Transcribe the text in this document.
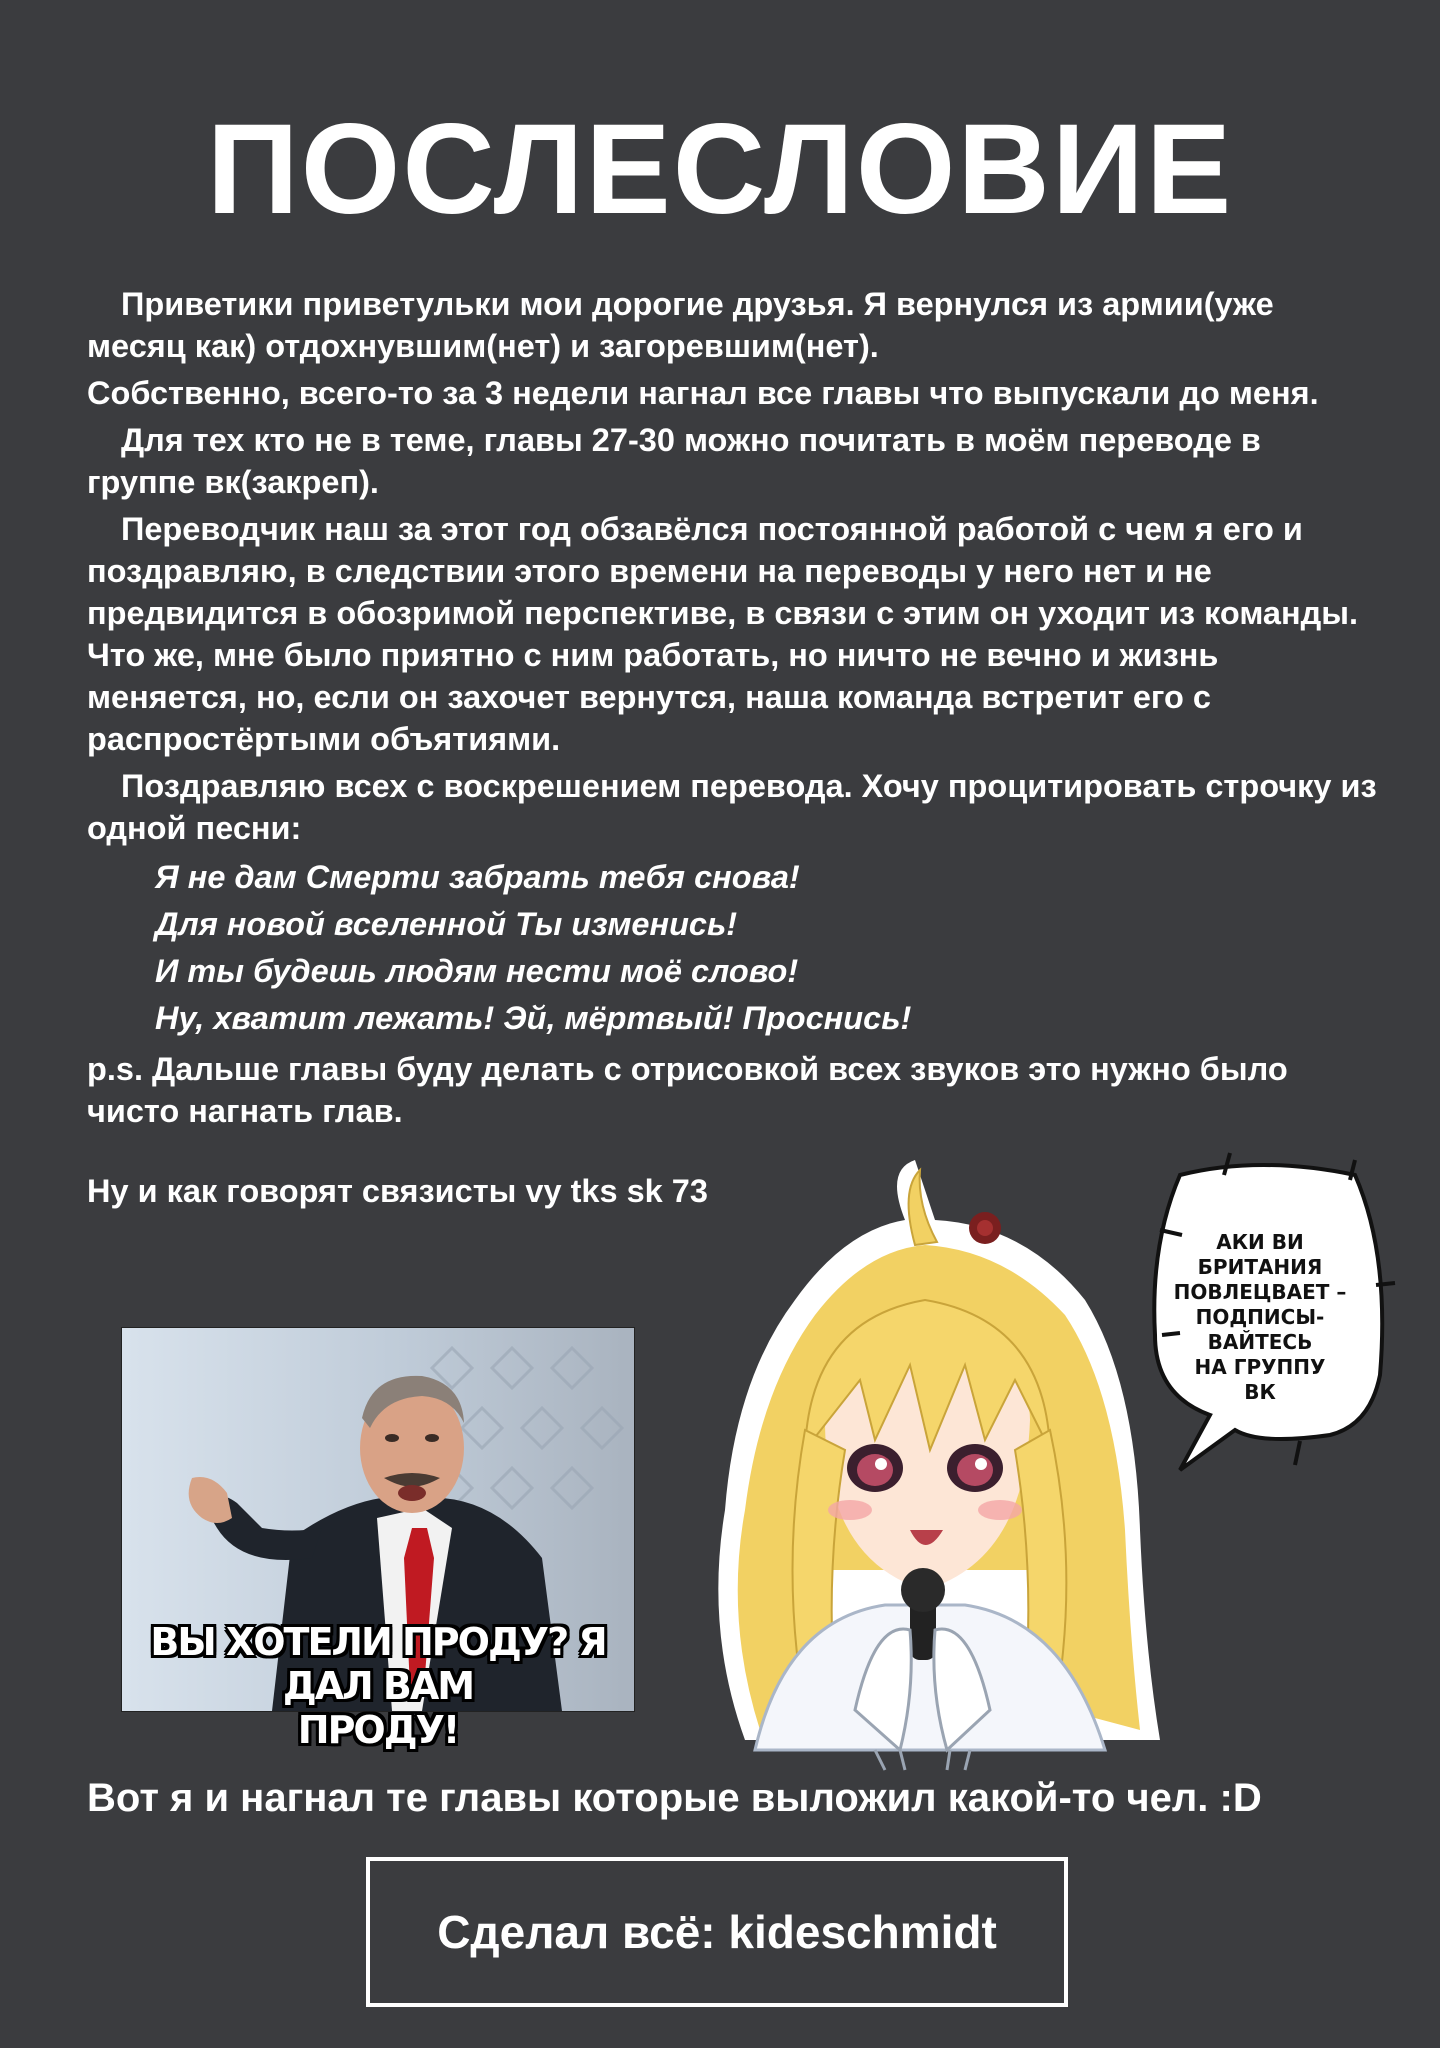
ПОСЛЕСЛОВИЕ

Приветики приветульки мои дорогие друзья. Я вернулся из армии(уже месяц как) отдохнувшим(нет) и загоревшим(нет).

Собственно, всего-то за 3 недели нагнал все главы что выпускали до меня.

Для тех кто не в теме, главы 27-30 можно почитать в моём переводе в группе вк(закреп).

Переводчик наш за этот год обзавёлся постоянной работой с чем я его и поздравляю, в следствии этого времени на переводы у него нет и не предвидится в обозримой перспективе, в связи с этим он уходит из команды. Что же, мне было приятно с ним работать, но ничто не вечно и жизнь меняется, но, если он захочет вернутся, наша команда встретит его с распростёртыми объятиями.

Поздравляю всех с воскрешением перевода. Хочу процитировать строчку из одной песни:

Я не дам Смерти забрать тебя снова!
Для новой вселенной Ты изменись!
И ты будешь людям нести моё слово!
Ну, хватит лежать! Эй, мёртвый! Проснись!

p.s. Дальше главы буду делать с отрисовкой всех звуков это нужно было чисто нагнать глав.

Ну и как говорят связисты vy tks sk 73

ВЫ ХОТЕЛИ ПРОДУ? Я ДАЛ ВАМ
ПРОДУ!
АКИ ВИ
БРИТАНИЯ
ПОВЛЕЦВАЕТ –
ПОДПИСЫ-
ВАЙТЕСЬ
НА ГРУППУ
ВК
Вот я и нагнал те главы которые выложил какой-то чел. :D
Сделал всё: kideschmidt
